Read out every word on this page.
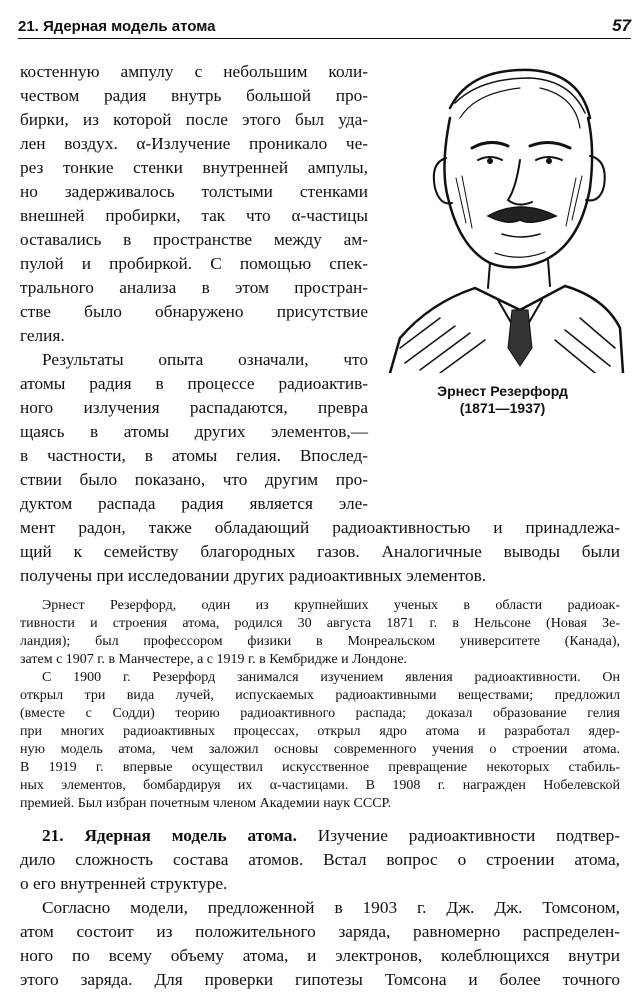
21. Ядерная модель атома	57
Эрнест Резерфорд
(1871—1937)
костенную ампулу с небольшим коли-
чеством радия внутрь большой про-
бирки, из которой после этого был уда-
лен воздух. α-Излучение проникало че-
рез тонкие стенки внутренней ампулы,
но задерживалось толстыми стенками
внешней пробирки, так что α-частицы
оставались в пространстве между ам-
пулой и пробиркой. С помощью спек-
трального анализа в этом простран-
стве было обнаружено присутствие
гелия.
Результаты опыта означали, что
атомы радия в процессе радиоактив-
ного излучения распадаются, превра
щаясь в атомы других элементов,—
в частности, в атомы гелия. Впослед-
ствии было показано, что другим про-
дуктом распада радия является эле-
мент радон, также обладающий радиоактивностью и принадлежа-
щий к семейству благородных газов. Аналогичные выводы были
получены при исследовании других радиоактивных элементов.
Эрнест Резерфорд, один из крупнейших ученых в области радиоак-
тивности и строения атома, родился 30 августа 1871 г. в Нельсоне (Новая Зе-
ландия); был профессором физики в Монреальском университете (Канада),
затем с 1907 г. в Манчестере, а с 1919 г. в Кембридже и Лондоне.
С 1900 г. Резерфорд занимался изучением явления радиоактивности. Он
открыл три вида лучей, испускаемых радиоактивными веществами; предложил
(вместе с Содди) теорию радиоактивного распада; доказал образование гелия
при многих радиоактивных процессах, открыл ядро атома и разработал ядер-
ную модель атома, чем заложил основы современного учения о строении атома.
В 1919 г. впервые осуществил искусственное превращение некоторых стабиль-
ных элементов, бомбардируя их α-частицами. В 1908 г. награжден Нобелевской
премией. Был избран почетным членом Академии наук СССР.
21. Ядерная модель атома. Изучение радиоактивности подтвер-
дило сложность состава атомов. Встал вопрос о строении атома,
о его внутренней структуре.
Согласно модели, предложенной в 1903 г. Дж. Дж. Томсоном,
атом состоит из положительного заряда, равномерно распределен-
ного по всему объему атома, и электронов, колеблющихся внутри
этого заряда. Для проверки гипотезы Томсона и более точного
